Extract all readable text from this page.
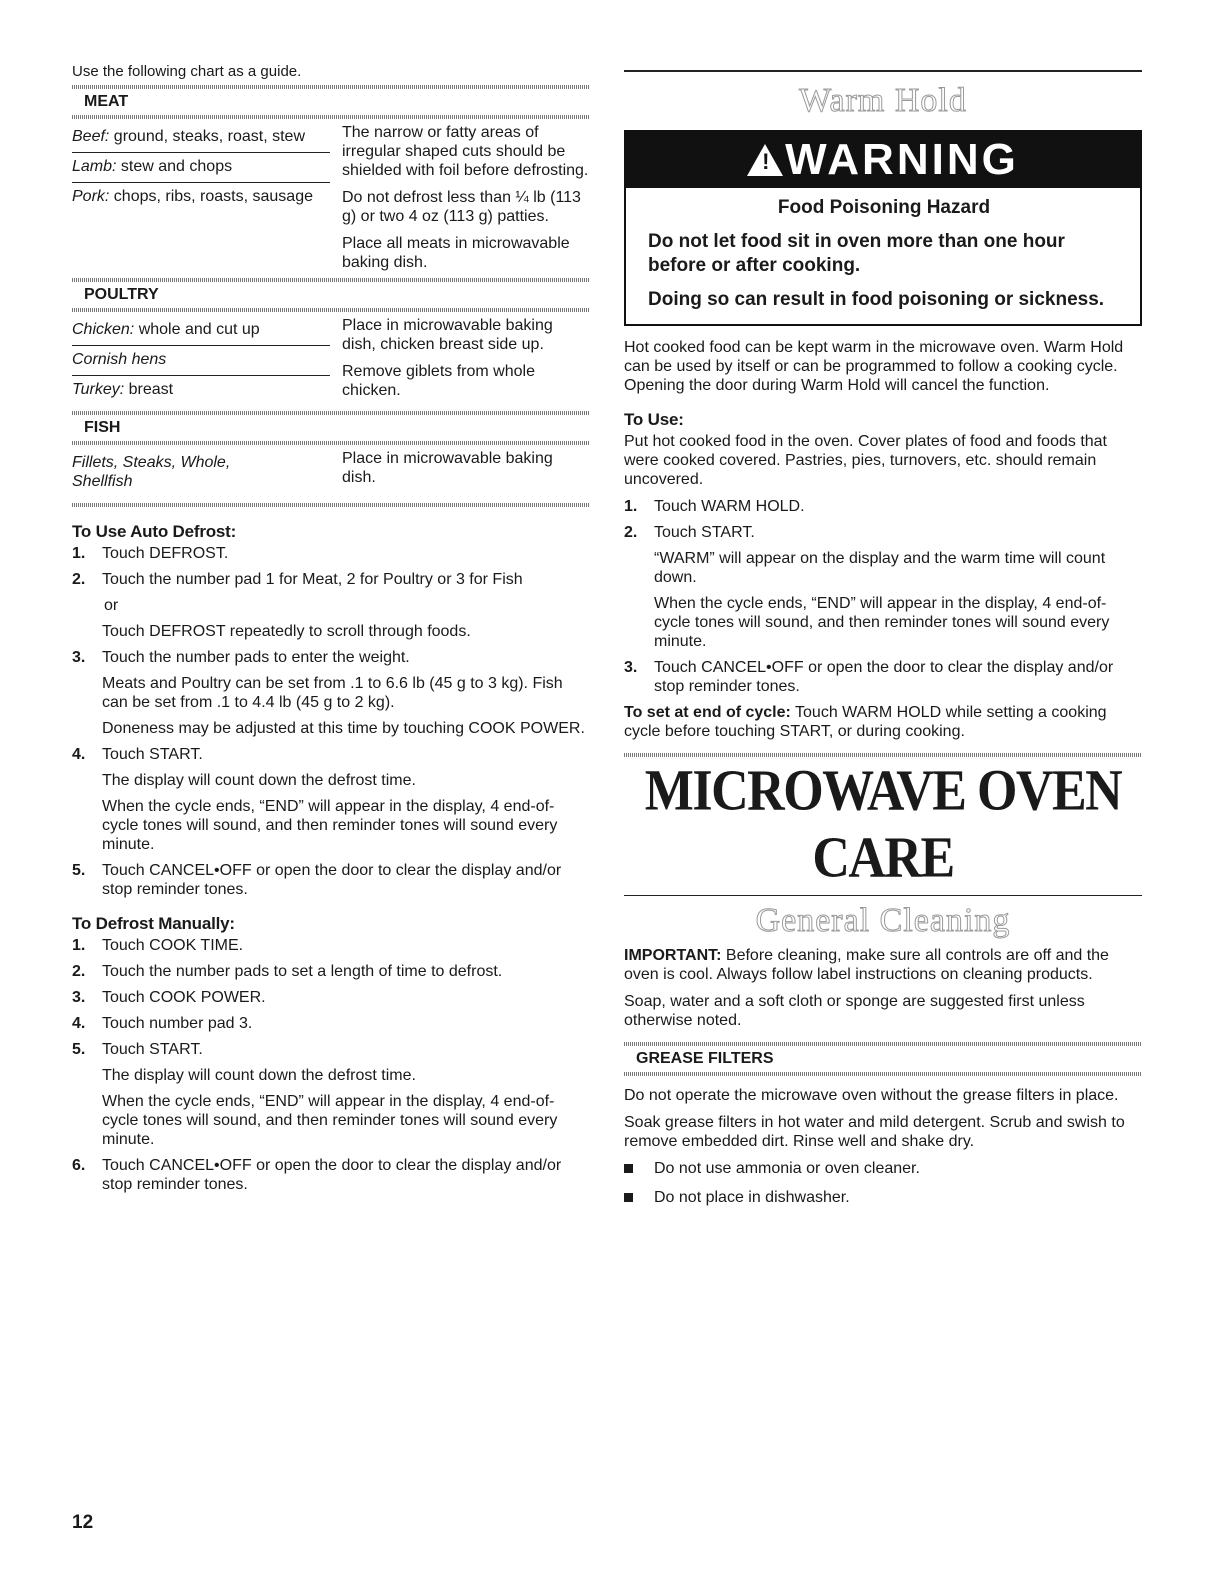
Use the following chart as a guide.
MEAT
Beef: ground, steaks, roast, stew
Lamb: stew and chops
Pork: chops, ribs, roasts, sausage
The narrow or fatty areas of irregular shaped cuts should be shielded with foil before defrosting.
Do not defrost less than ¼ lb (113 g) or two 4 oz (113 g) patties.
Place all meats in microwavable baking dish.
POULTRY
Chicken: whole and cut up
Cornish hens
Turkey: breast
Place in microwavable baking dish, chicken breast side up.
Remove giblets from whole chicken.
FISH
Fillets, Steaks, Whole, Shellfish
Place in microwavable baking dish.
To Use Auto Defrost:
1. Touch DEFROST.
2. Touch the number pad 1 for Meat, 2 for Poultry or 3 for Fish
or
Touch DEFROST repeatedly to scroll through foods.
3. Touch the number pads to enter the weight.
Meats and Poultry can be set from .1 to 6.6 lb (45 g to 3 kg). Fish can be set from .1 to 4.4 lb (45 g to 2 kg).
Doneness may be adjusted at this time by touching COOK POWER.
4. Touch START.
The display will count down the defrost time.
When the cycle ends, “END” will appear in the display, 4 end-of-cycle tones will sound, and then reminder tones will sound every minute.
5. Touch CANCEL•OFF or open the door to clear the display and/or stop reminder tones.
To Defrost Manually:
1. Touch COOK TIME.
2. Touch the number pads to set a length of time to defrost.
3. Touch COOK POWER.
4. Touch number pad 3.
5. Touch START.
The display will count down the defrost time.
When the cycle ends, “END” will appear in the display, 4 end-of-cycle tones will sound, and then reminder tones will sound every minute.
6. Touch CANCEL•OFF or open the door to clear the display and/or stop reminder tones.
Warm Hold
! WARNING
Food Poisoning Hazard
Do not let food sit in oven more than one hour before or after cooking.
Doing so can result in food poisoning or sickness.
Hot cooked food can be kept warm in the microwave oven. Warm Hold can be used by itself or can be programmed to follow a cooking cycle. Opening the door during Warm Hold will cancel the function.
To Use:
Put hot cooked food in the oven. Cover plates of food and foods that were cooked covered. Pastries, pies, turnovers, etc. should remain uncovered.
1. Touch WARM HOLD.
2. Touch START.
“WARM” will appear on the display and the warm time will count down.
When the cycle ends, “END” will appear in the display, 4 end-of-cycle tones will sound, and then reminder tones will sound every minute.
3. Touch CANCEL•OFF or open the door to clear the display and/or stop reminder tones.
To set at end of cycle: Touch WARM HOLD while setting a cooking cycle before touching START, or during cooking.
MICROWAVE OVEN CARE
General Cleaning
IMPORTANT: Before cleaning, make sure all controls are off and the oven is cool. Always follow label instructions on cleaning products.
Soap, water and a soft cloth or sponge are suggested first unless otherwise noted.
GREASE FILTERS
Do not operate the microwave oven without the grease filters in place.
Soak grease filters in hot water and mild detergent. Scrub and swish to remove embedded dirt. Rinse well and shake dry.
Do not use ammonia or oven cleaner.
Do not place in dishwasher.
12
